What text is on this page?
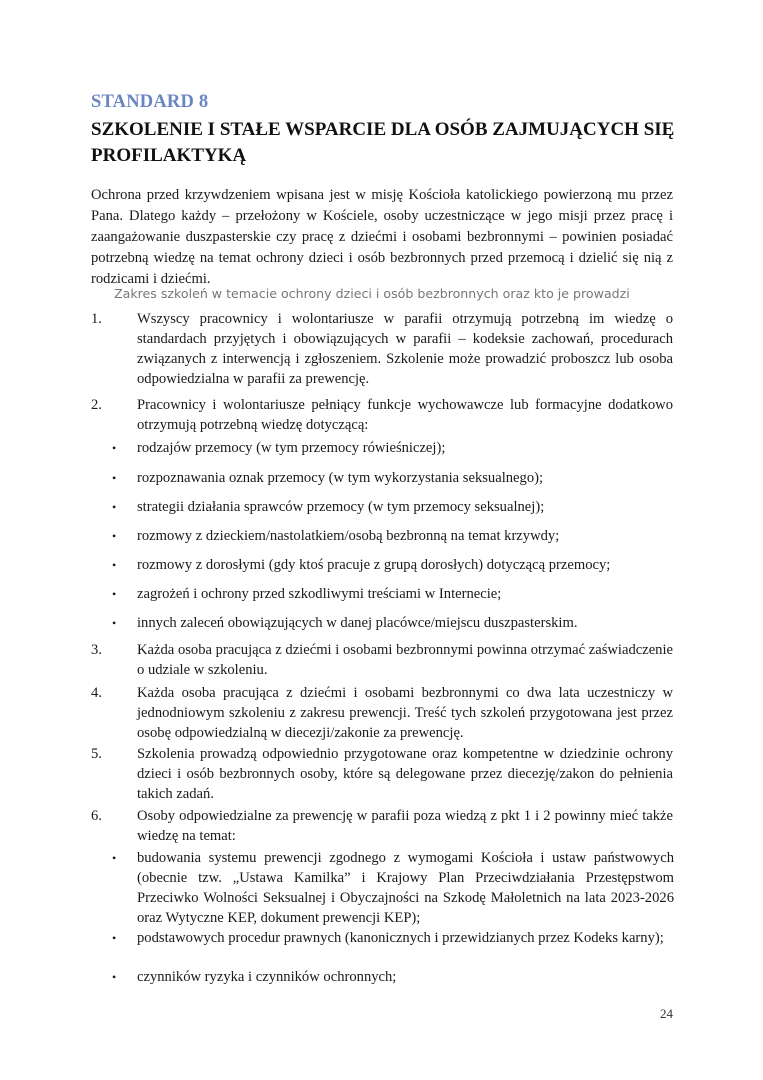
STANDARD 8
SZKOLENIE I STAŁE WSPARCIE DLA OSÓB ZAJMUJĄCYCH SIĘ PROFILAKTYKĄ
Ochrona przed krzywdzeniem wpisana jest w misję Kościoła katolickiego powierzoną mu przez Pana. Dlatego każdy – przełożony w Kościele, osoby uczestniczące w jego misji przez pracę i zaangażowanie duszpasterskie czy pracę z dziećmi i osobami bezbronnymi – powinien posiadać potrzebną wiedzę na temat ochrony dzieci i osób bezbronnych przed przemocą i dzielić się nią z rodzicami i dziećmi.
Zakres szkoleń w temacie ochrony dzieci i osób bezbronnych oraz kto je prowadzi
1. Wszyscy pracownicy i wolontariusze w parafii otrzymują potrzebną im wiedzę o standardach przyjętych i obowiązujących w parafii – kodeksie zachowań, procedurach związanych z interwencją i zgłoszeniem. Szkolenie może prowadzić proboszcz lub osoba odpowiedzialna w parafii za prewencję.
2. Pracownicy i wolontariusze pełniący funkcje wychowawcze lub formacyjne dodatkowo otrzymują potrzebną wiedzę dotyczącą:
• rodzajów przemocy (w tym przemocy rówieśniczej);
• rozpoznawania oznak przemocy (w tym wykorzystania seksualnego);
• strategii działania sprawców przemocy (w tym przemocy seksualnej);
• rozmowy z dzieckiem/nastolatkiem/osobą bezbronną na temat krzywdy;
• rozmowy z dorosłymi (gdy ktoś pracuje z grupą dorosłych) dotyczącą przemocy;
• zagrożeń i ochrony przed szkodliwymi treściami w Internecie;
• innych zaleceń obowiązujących w danej placówce/miejscu duszpasterskim.
3. Każda osoba pracująca z dziećmi i osobami bezbronnymi powinna otrzymać zaświadczenie o udziale w szkoleniu.
4. Każda osoba pracująca z dziećmi i osobami bezbronnymi co dwa lata uczestniczy w jednodniowym szkoleniu z zakresu prewencji. Treść tych szkoleń przygotowana jest przez osobę odpowiedzialną w diecezji/zakonie za prewencję.
5. Szkolenia prowadzą odpowiednio przygotowane oraz kompetentne w dziedzinie ochrony dzieci i osób bezbronnych osoby, które są delegowane przez diecezję/zakon do pełnienia takich zadań.
6. Osoby odpowiedzialne za prewencję w parafii poza wiedzą z pkt 1 i 2 powinny mieć także wiedzę na temat:
• budowania systemu prewencji zgodnego z wymogami Kościoła i ustaw państwowych (obecnie tzw. „Ustawa Kamilka” i Krajowy Plan Przeciwdziałania Przestępstwom Przeciwko Wolności Seksualnej i Obyczajności na Szkodę Małoletnich na lata 2023-2026 oraz Wytyczne KEP, dokument prewencji KEP);
• podstawowych procedur prawnych (kanonicznych i przewidzianych przez Kodeks karny);
• czynników ryzyka i czynników ochronnych;
24
